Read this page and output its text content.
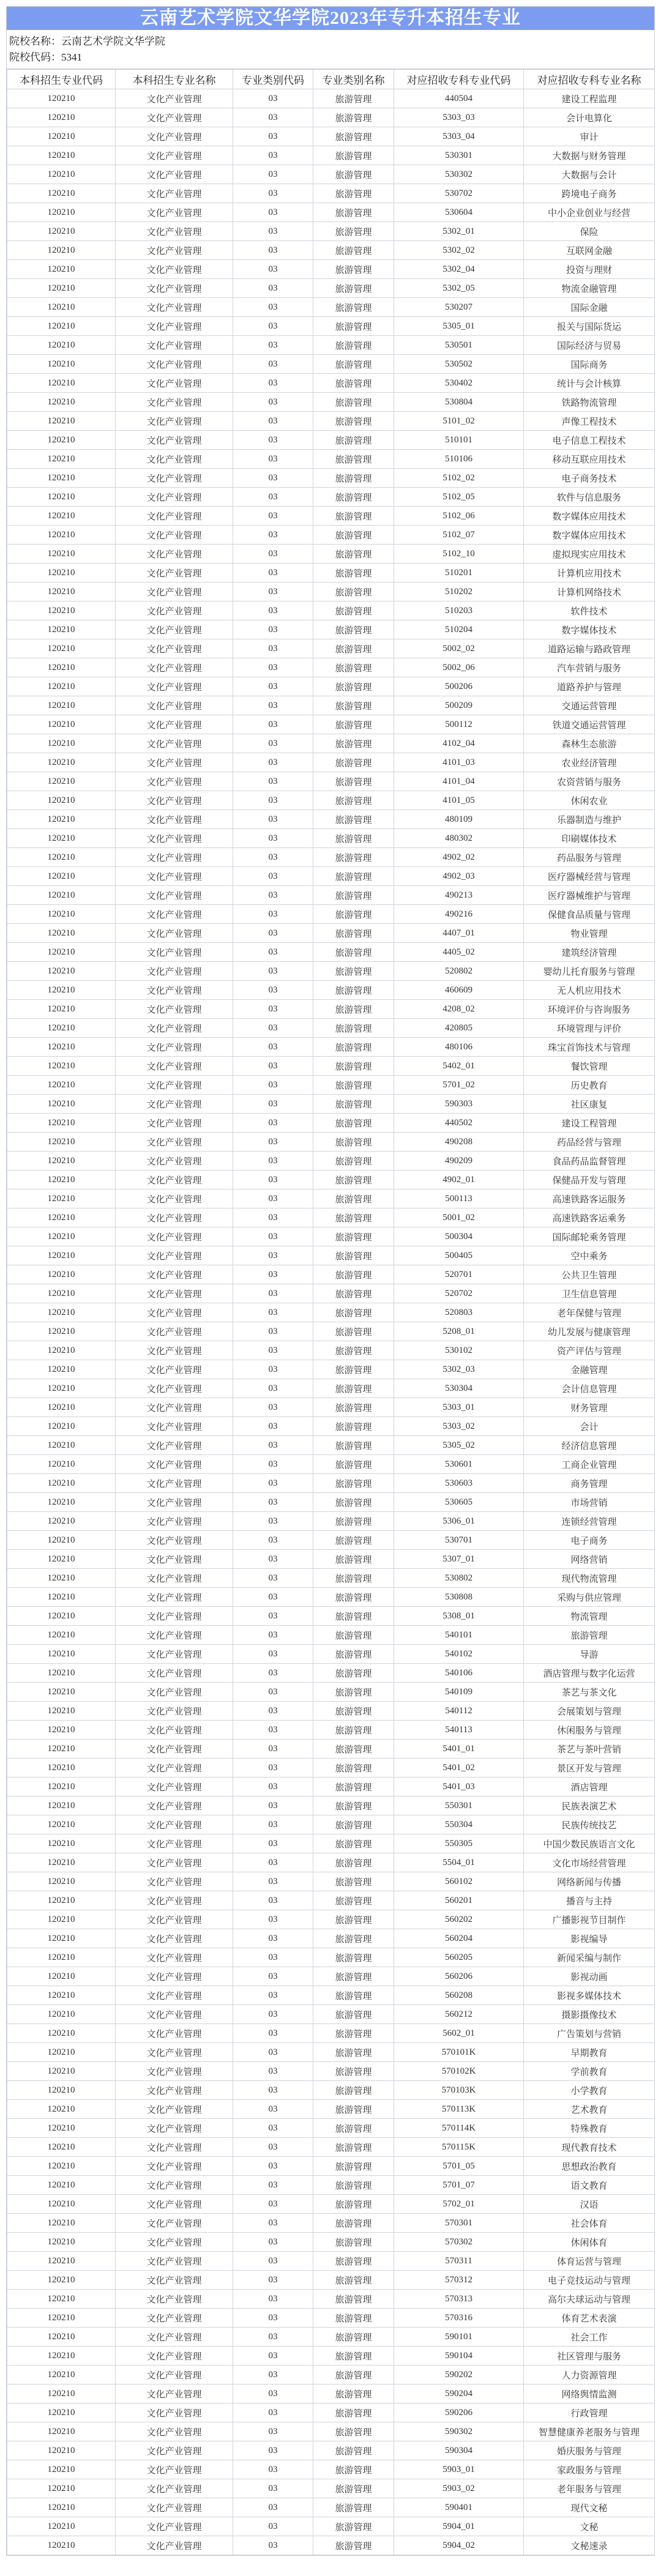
云南艺术学院文华学院2023年专升本招生专业
院校名称：云南艺术学院文华学院
院校代码：5341
本科招生专业代码	本科招生专业名称	专业类别代码	专业类别名称	对应招收专科专业代码	对应招收专科专业名称
120210	文化产业管理	03	旅游管理	440504	建设工程监理
120210	文化产业管理	03	旅游管理	5303_03	会计电算化
120210	文化产业管理	03	旅游管理	5303_04	审计
120210	文化产业管理	03	旅游管理	530301	大数据与财务管理
120210	文化产业管理	03	旅游管理	530302	大数据与会计
120210	文化产业管理	03	旅游管理	530702	跨境电子商务
120210	文化产业管理	03	旅游管理	530604	中小企业创业与经营
120210	文化产业管理	03	旅游管理	5302_01	保险
120210	文化产业管理	03	旅游管理	5302_02	互联网金融
120210	文化产业管理	03	旅游管理	5302_04	投资与理财
120210	文化产业管理	03	旅游管理	5302_05	物流金融管理
120210	文化产业管理	03	旅游管理	530207	国际金融
120210	文化产业管理	03	旅游管理	5305_01	报关与国际货运
120210	文化产业管理	03	旅游管理	530501	国际经济与贸易
120210	文化产业管理	03	旅游管理	530502	国际商务
120210	文化产业管理	03	旅游管理	530402	统计与会计核算
120210	文化产业管理	03	旅游管理	530804	铁路物流管理
120210	文化产业管理	03	旅游管理	5101_02	声像工程技术
120210	文化产业管理	03	旅游管理	510101	电子信息工程技术
120210	文化产业管理	03	旅游管理	510106	移动互联应用技术
120210	文化产业管理	03	旅游管理	5102_02	电子商务技术
120210	文化产业管理	03	旅游管理	5102_05	软件与信息服务
120210	文化产业管理	03	旅游管理	5102_06	数字媒体应用技术
120210	文化产业管理	03	旅游管理	5102_07	数字媒体应用技术
120210	文化产业管理	03	旅游管理	5102_10	虚拟现实应用技术
120210	文化产业管理	03	旅游管理	510201	计算机应用技术
120210	文化产业管理	03	旅游管理	510202	计算机网络技术
120210	文化产业管理	03	旅游管理	510203	软件技术
120210	文化产业管理	03	旅游管理	510204	数字媒体技术
120210	文化产业管理	03	旅游管理	5002_02	道路运输与路政管理
120210	文化产业管理	03	旅游管理	5002_06	汽车营销与服务
120210	文化产业管理	03	旅游管理	500206	道路养护与管理
120210	文化产业管理	03	旅游管理	500209	交通运营管理
120210	文化产业管理	03	旅游管理	500112	铁道交通运营管理
120210	文化产业管理	03	旅游管理	4102_04	森林生态旅游
120210	文化产业管理	03	旅游管理	4101_03	农业经济管理
120210	文化产业管理	03	旅游管理	4101_04	农资营销与服务
120210	文化产业管理	03	旅游管理	4101_05	休闲农业
120210	文化产业管理	03	旅游管理	480109	乐器制造与维护
120210	文化产业管理	03	旅游管理	480302	印刷媒体技术
120210	文化产业管理	03	旅游管理	4902_02	药品服务与管理
120210	文化产业管理	03	旅游管理	4902_03	医疗器械经营与管理
120210	文化产业管理	03	旅游管理	490213	医疗器械维护与管理
120210	文化产业管理	03	旅游管理	490216	保健食品质量与管理
120210	文化产业管理	03	旅游管理	4407_01	物业管理
120210	文化产业管理	03	旅游管理	4405_02	建筑经济管理
120210	文化产业管理	03	旅游管理	520802	婴幼儿托育服务与管理
120210	文化产业管理	03	旅游管理	460609	无人机应用技术
120210	文化产业管理	03	旅游管理	4208_02	环境评价与咨询服务
120210	文化产业管理	03	旅游管理	420805	环境管理与评价
120210	文化产业管理	03	旅游管理	480106	珠宝首饰技术与管理
120210	文化产业管理	03	旅游管理	5402_01	餐饮管理
120210	文化产业管理	03	旅游管理	5701_02	历史教育
120210	文化产业管理	03	旅游管理	590303	社区康复
120210	文化产业管理	03	旅游管理	440502	建设工程管理
120210	文化产业管理	03	旅游管理	490208	药品经营与管理
120210	文化产业管理	03	旅游管理	490209	食品药品监督管理
120210	文化产业管理	03	旅游管理	4902_01	保健品开发与管理
120210	文化产业管理	03	旅游管理	500113	高速铁路客运服务
120210	文化产业管理	03	旅游管理	5001_02	高速铁路客运乘务
120210	文化产业管理	03	旅游管理	500304	国际邮轮乘务管理
120210	文化产业管理	03	旅游管理	500405	空中乘务
120210	文化产业管理	03	旅游管理	520701	公共卫生管理
120210	文化产业管理	03	旅游管理	520702	卫生信息管理
120210	文化产业管理	03	旅游管理	520803	老年保健与管理
120210	文化产业管理	03	旅游管理	5208_01	幼儿发展与健康管理
120210	文化产业管理	03	旅游管理	530102	资产评估与管理
120210	文化产业管理	03	旅游管理	5302_03	金融管理
120210	文化产业管理	03	旅游管理	530304	会计信息管理
120210	文化产业管理	03	旅游管理	5303_01	财务管理
120210	文化产业管理	03	旅游管理	5303_02	会计
120210	文化产业管理	03	旅游管理	5305_02	经济信息管理
120210	文化产业管理	03	旅游管理	530601	工商企业管理
120210	文化产业管理	03	旅游管理	530603	商务管理
120210	文化产业管理	03	旅游管理	530605	市场营销
120210	文化产业管理	03	旅游管理	5306_01	连锁经营管理
120210	文化产业管理	03	旅游管理	530701	电子商务
120210	文化产业管理	03	旅游管理	5307_01	网络营销
120210	文化产业管理	03	旅游管理	530802	现代物流管理
120210	文化产业管理	03	旅游管理	530808	采购与供应管理
120210	文化产业管理	03	旅游管理	5308_01	物流管理
120210	文化产业管理	03	旅游管理	540101	旅游管理
120210	文化产业管理	03	旅游管理	540102	导游
120210	文化产业管理	03	旅游管理	540106	酒店管理与数字化运营
120210	文化产业管理	03	旅游管理	540109	茶艺与茶文化
120210	文化产业管理	03	旅游管理	540112	会展策划与管理
120210	文化产业管理	03	旅游管理	540113	休闲服务与管理
120210	文化产业管理	03	旅游管理	5401_01	茶艺与茶叶营销
120210	文化产业管理	03	旅游管理	5401_02	景区开发与管理
120210	文化产业管理	03	旅游管理	5401_03	酒店管理
120210	文化产业管理	03	旅游管理	550301	民族表演艺术
120210	文化产业管理	03	旅游管理	550304	民族传统技艺
120210	文化产业管理	03	旅游管理	550305	中国少数民族语言文化
120210	文化产业管理	03	旅游管理	5504_01	文化市场经营管理
120210	文化产业管理	03	旅游管理	560102	网络新闻与传播
120210	文化产业管理	03	旅游管理	560201	播音与主持
120210	文化产业管理	03	旅游管理	560202	广播影视节目制作
120210	文化产业管理	03	旅游管理	560204	影视编导
120210	文化产业管理	03	旅游管理	560205	新闻采编与制作
120210	文化产业管理	03	旅游管理	560206	影视动画
120210	文化产业管理	03	旅游管理	560208	影视多媒体技术
120210	文化产业管理	03	旅游管理	560212	摄影摄像技术
120210	文化产业管理	03	旅游管理	5602_01	广告策划与营销
120210	文化产业管理	03	旅游管理	570101K	早期教育
120210	文化产业管理	03	旅游管理	570102K	学前教育
120210	文化产业管理	03	旅游管理	570103K	小学教育
120210	文化产业管理	03	旅游管理	570113K	艺术教育
120210	文化产业管理	03	旅游管理	570114K	特殊教育
120210	文化产业管理	03	旅游管理	570115K	现代教育技术
120210	文化产业管理	03	旅游管理	5701_05	思想政治教育
120210	文化产业管理	03	旅游管理	5701_07	语文教育
120210	文化产业管理	03	旅游管理	5702_01	汉语
120210	文化产业管理	03	旅游管理	570301	社会体育
120210	文化产业管理	03	旅游管理	570302	休闲体育
120210	文化产业管理	03	旅游管理	570311	体育运营与管理
120210	文化产业管理	03	旅游管理	570312	电子竞技运动与管理
120210	文化产业管理	03	旅游管理	570313	高尔夫球运动与管理
120210	文化产业管理	03	旅游管理	570316	体育艺术表演
120210	文化产业管理	03	旅游管理	590101	社会工作
120210	文化产业管理	03	旅游管理	590104	社区管理与服务
120210	文化产业管理	03	旅游管理	590202	人力资源管理
120210	文化产业管理	03	旅游管理	590204	网络舆情监测
120210	文化产业管理	03	旅游管理	590206	行政管理
120210	文化产业管理	03	旅游管理	590302	智慧健康养老服务与管理
120210	文化产业管理	03	旅游管理	590304	婚庆服务与管理
120210	文化产业管理	03	旅游管理	5903_01	家政服务与管理
120210	文化产业管理	03	旅游管理	5903_02	老年服务与管理
120210	文化产业管理	03	旅游管理	590401	现代文秘
120210	文化产业管理	03	旅游管理	5904_01	文秘
120210	文化产业管理	03	旅游管理	5904_02	文秘速录
